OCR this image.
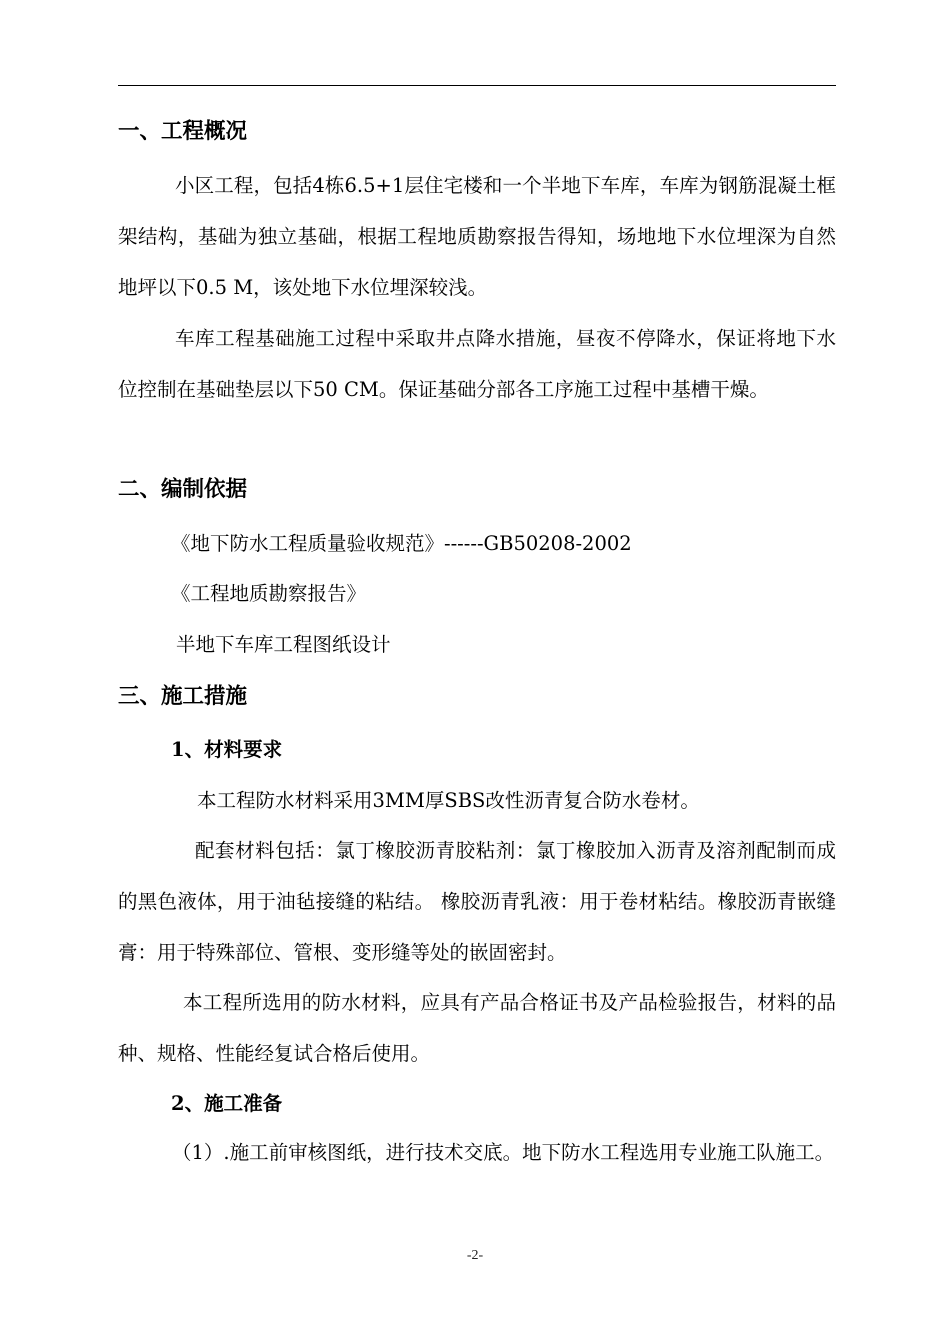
一、工程概况

小区工程，包括4栋6.5+1层住宅楼和一个半地下车库，车库为钢筋混凝土框架结构，基础为独立基础，根据工程地质勘察报告得知，场地地下水位埋深为自然地坪以下0.5 M，该处地下水位埋深较浅。

车库工程基础施工过程中采取井点降水措施，昼夜不停降水，保证将地下水位控制在基础垫层以下50 CM。保证基础分部各工序施工过程中基槽干燥。

二、编制依据

《地下防水工程质量验收规范》------GB50208-2002

《工程地质勘察报告》

半地下车库工程图纸设计

三、施工措施
1、材料要求

本工程防水材料采用3MM厚SBS改性沥青复合防水卷材。

配套材料包括：氯丁橡胶沥青胶粘剂：氯丁橡胶加入沥青及溶剂配制而成的黑色液体，用于油毡接缝的粘结。 橡胶沥青乳液：用于卷材粘结。橡胶沥青嵌缝膏：用于特殊部位、管根、变形缝等处的嵌固密封。

本工程所选用的防水材料，应具有产品合格证书及产品检验报告，材料的品种、规格、性能经复试合格后使用。

2、施工准备

（1）.施工前审核图纸，进行技术交底。地下防水工程选用专业施工队施工。

-2-
